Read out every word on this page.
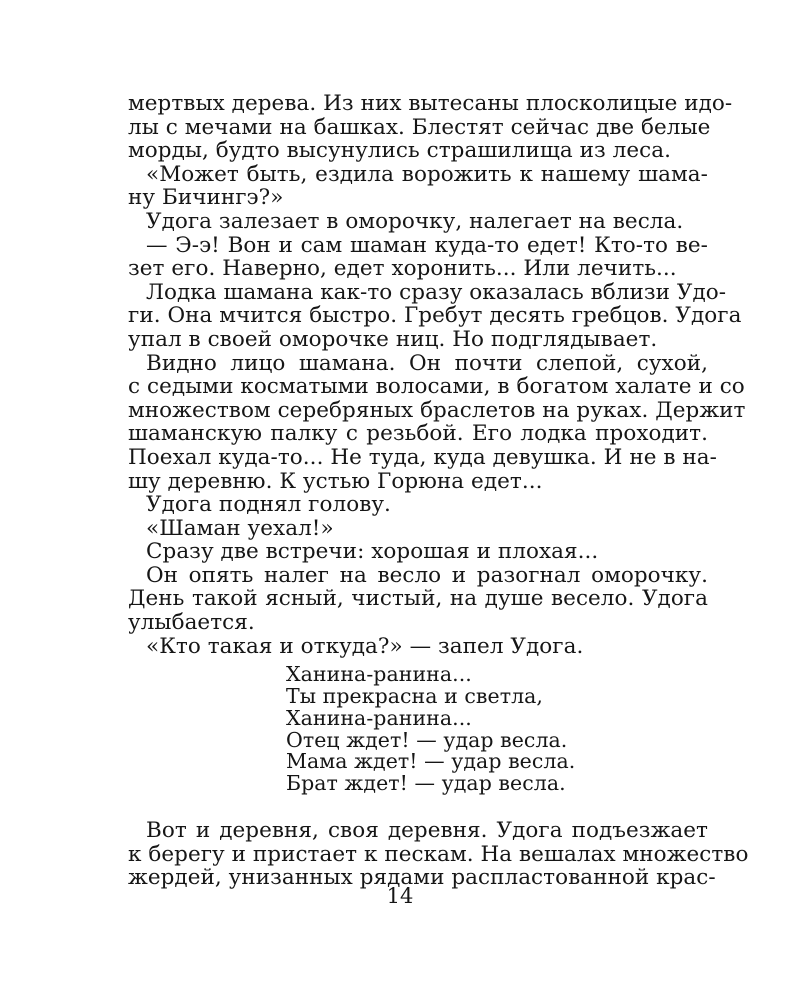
мертвых дерева. Из них вытесаны плосколицые идо-
лы с мечами на башках. Блестят сейчас две белые
морды, будто высунулись страшилища из леса.
«Может быть, ездила ворожить к нашему шама-
ну Бичингэ?»
Удога залезает в оморочку, налегает на весла.
— Э-э! Вон и сам шаман куда-то едет! Кто-то ве-
зет его. Наверно, едет хоронить... Или лечить...
Лодка шамана как-то сразу оказалась вблизи Удо-
ги. Она мчится быстро. Гребут десять гребцов. Удога
упал в своей оморочке ниц. Но подглядывает.
Видно лицо шамана. Он почти слепой, сухой,
с седыми косматыми волосами, в богатом халате и со
множеством серебряных браслетов на руках. Держит
шаманскую палку с резьбой. Его лодка проходит.
Поехал куда-то... Не туда, куда девушка. И не в на-
шу деревню. К устью Горюна едет...
Удога поднял голову.
«Шаман уехал!»
Сразу две встречи: хорошая и плохая...
Он опять налег на весло и разогнал оморочку.
День такой ясный, чистый, на душе весело. Удога
улыбается.
«Кто такая и откуда?» — запел Удога.
Ханина-ранина...
Ты прекрасна и светла,
Ханина-ранина...
Отец ждет! — удар весла.
Мама ждет! — удар весла.
Брат ждет! — удар весла.
Вот и деревня, своя деревня. Удога подъезжает
к берегу и пристает к пескам. На вешалах множество
жердей, унизанных рядами распластованной крас-
14
